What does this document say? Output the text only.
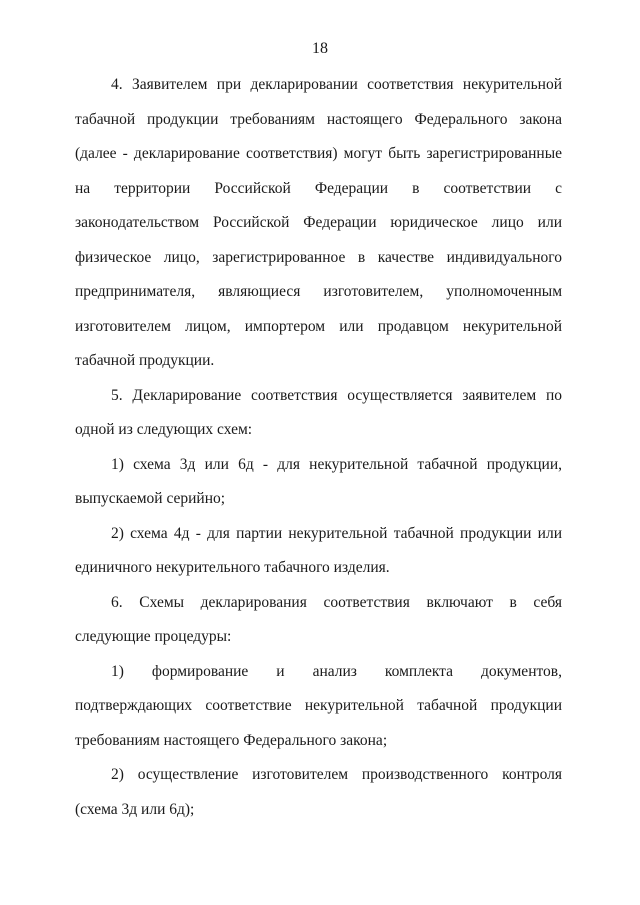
18

4. Заявителем при декларировании соответствия некурительной табачной продукции требованиям настоящего Федерального закона (далее - декларирование соответствия) могут быть зарегистрированные на территории Российской Федерации в соответствии с законодательством Российской Федерации юридическое лицо или физическое лицо, зарегистрированное в качестве индивидуального предпринимателя, являющиеся изготовителем, уполномоченным изготовителем лицом, импортером или продавцом некурительной табачной продукции.

5. Декларирование соответствия осуществляется заявителем по одной из следующих схем:

1) схема 3д или 6д - для некурительной табачной продукции, выпускаемой серийно;

2) схема 4д - для партии некурительной табачной продукции или единичного некурительного табачного изделия.

6. Схемы декларирования соответствия включают в себя следующие процедуры:

1) формирование и анализ комплекта документов, подтверждающих соответствие некурительной табачной продукции требованиям настоящего Федерального закона;

2) осуществление изготовителем производственного контроля (схема 3д или 6д);
